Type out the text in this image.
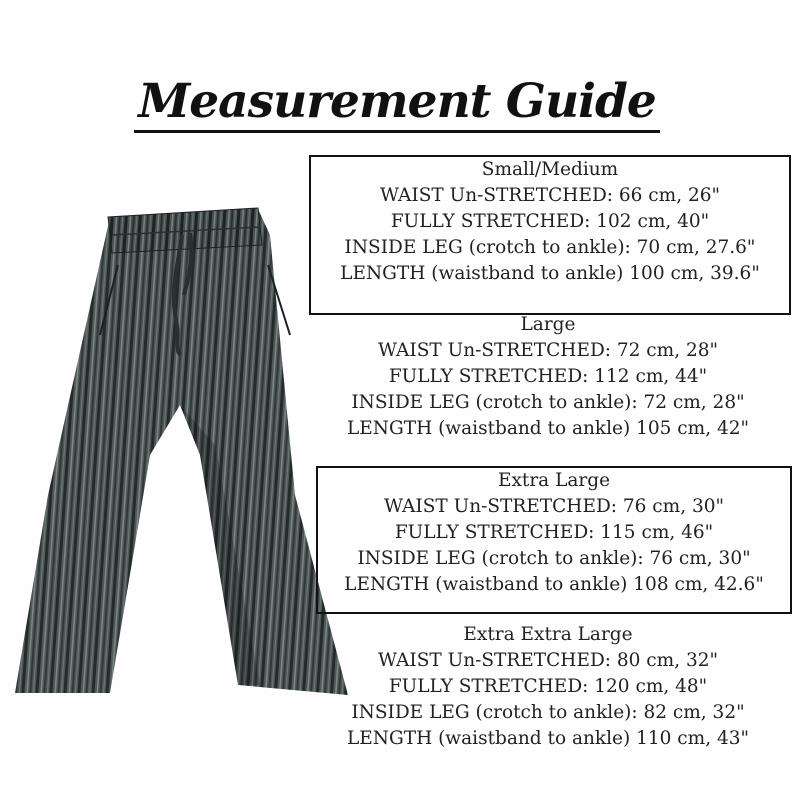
Measurement Guide
Small/Medium
WAIST Un-STRETCHED: 66 cm, 26"
FULLY STRETCHED: 102 cm, 40"
INSIDE LEG (crotch to ankle): 70 cm, 27.6"
LENGTH (waistband to ankle) 100 cm, 39.6"
Large
WAIST Un-STRETCHED: 72 cm, 28"
FULLY STRETCHED: 112 cm, 44"
INSIDE LEG (crotch to ankle): 72 cm, 28"
LENGTH (waistband to ankle) 105 cm, 42"
Extra Large
WAIST Un-STRETCHED: 76 cm, 30"
FULLY STRETCHED: 115 cm, 46"
INSIDE LEG (crotch to ankle): 76 cm, 30"
LENGTH (waistband to ankle) 108 cm, 42.6"
Extra Extra Large
WAIST Un-STRETCHED: 80 cm, 32"
FULLY STRETCHED: 120 cm, 48"
INSIDE LEG (crotch to ankle): 82 cm, 32"
LENGTH (waistband to ankle) 110 cm, 43"
